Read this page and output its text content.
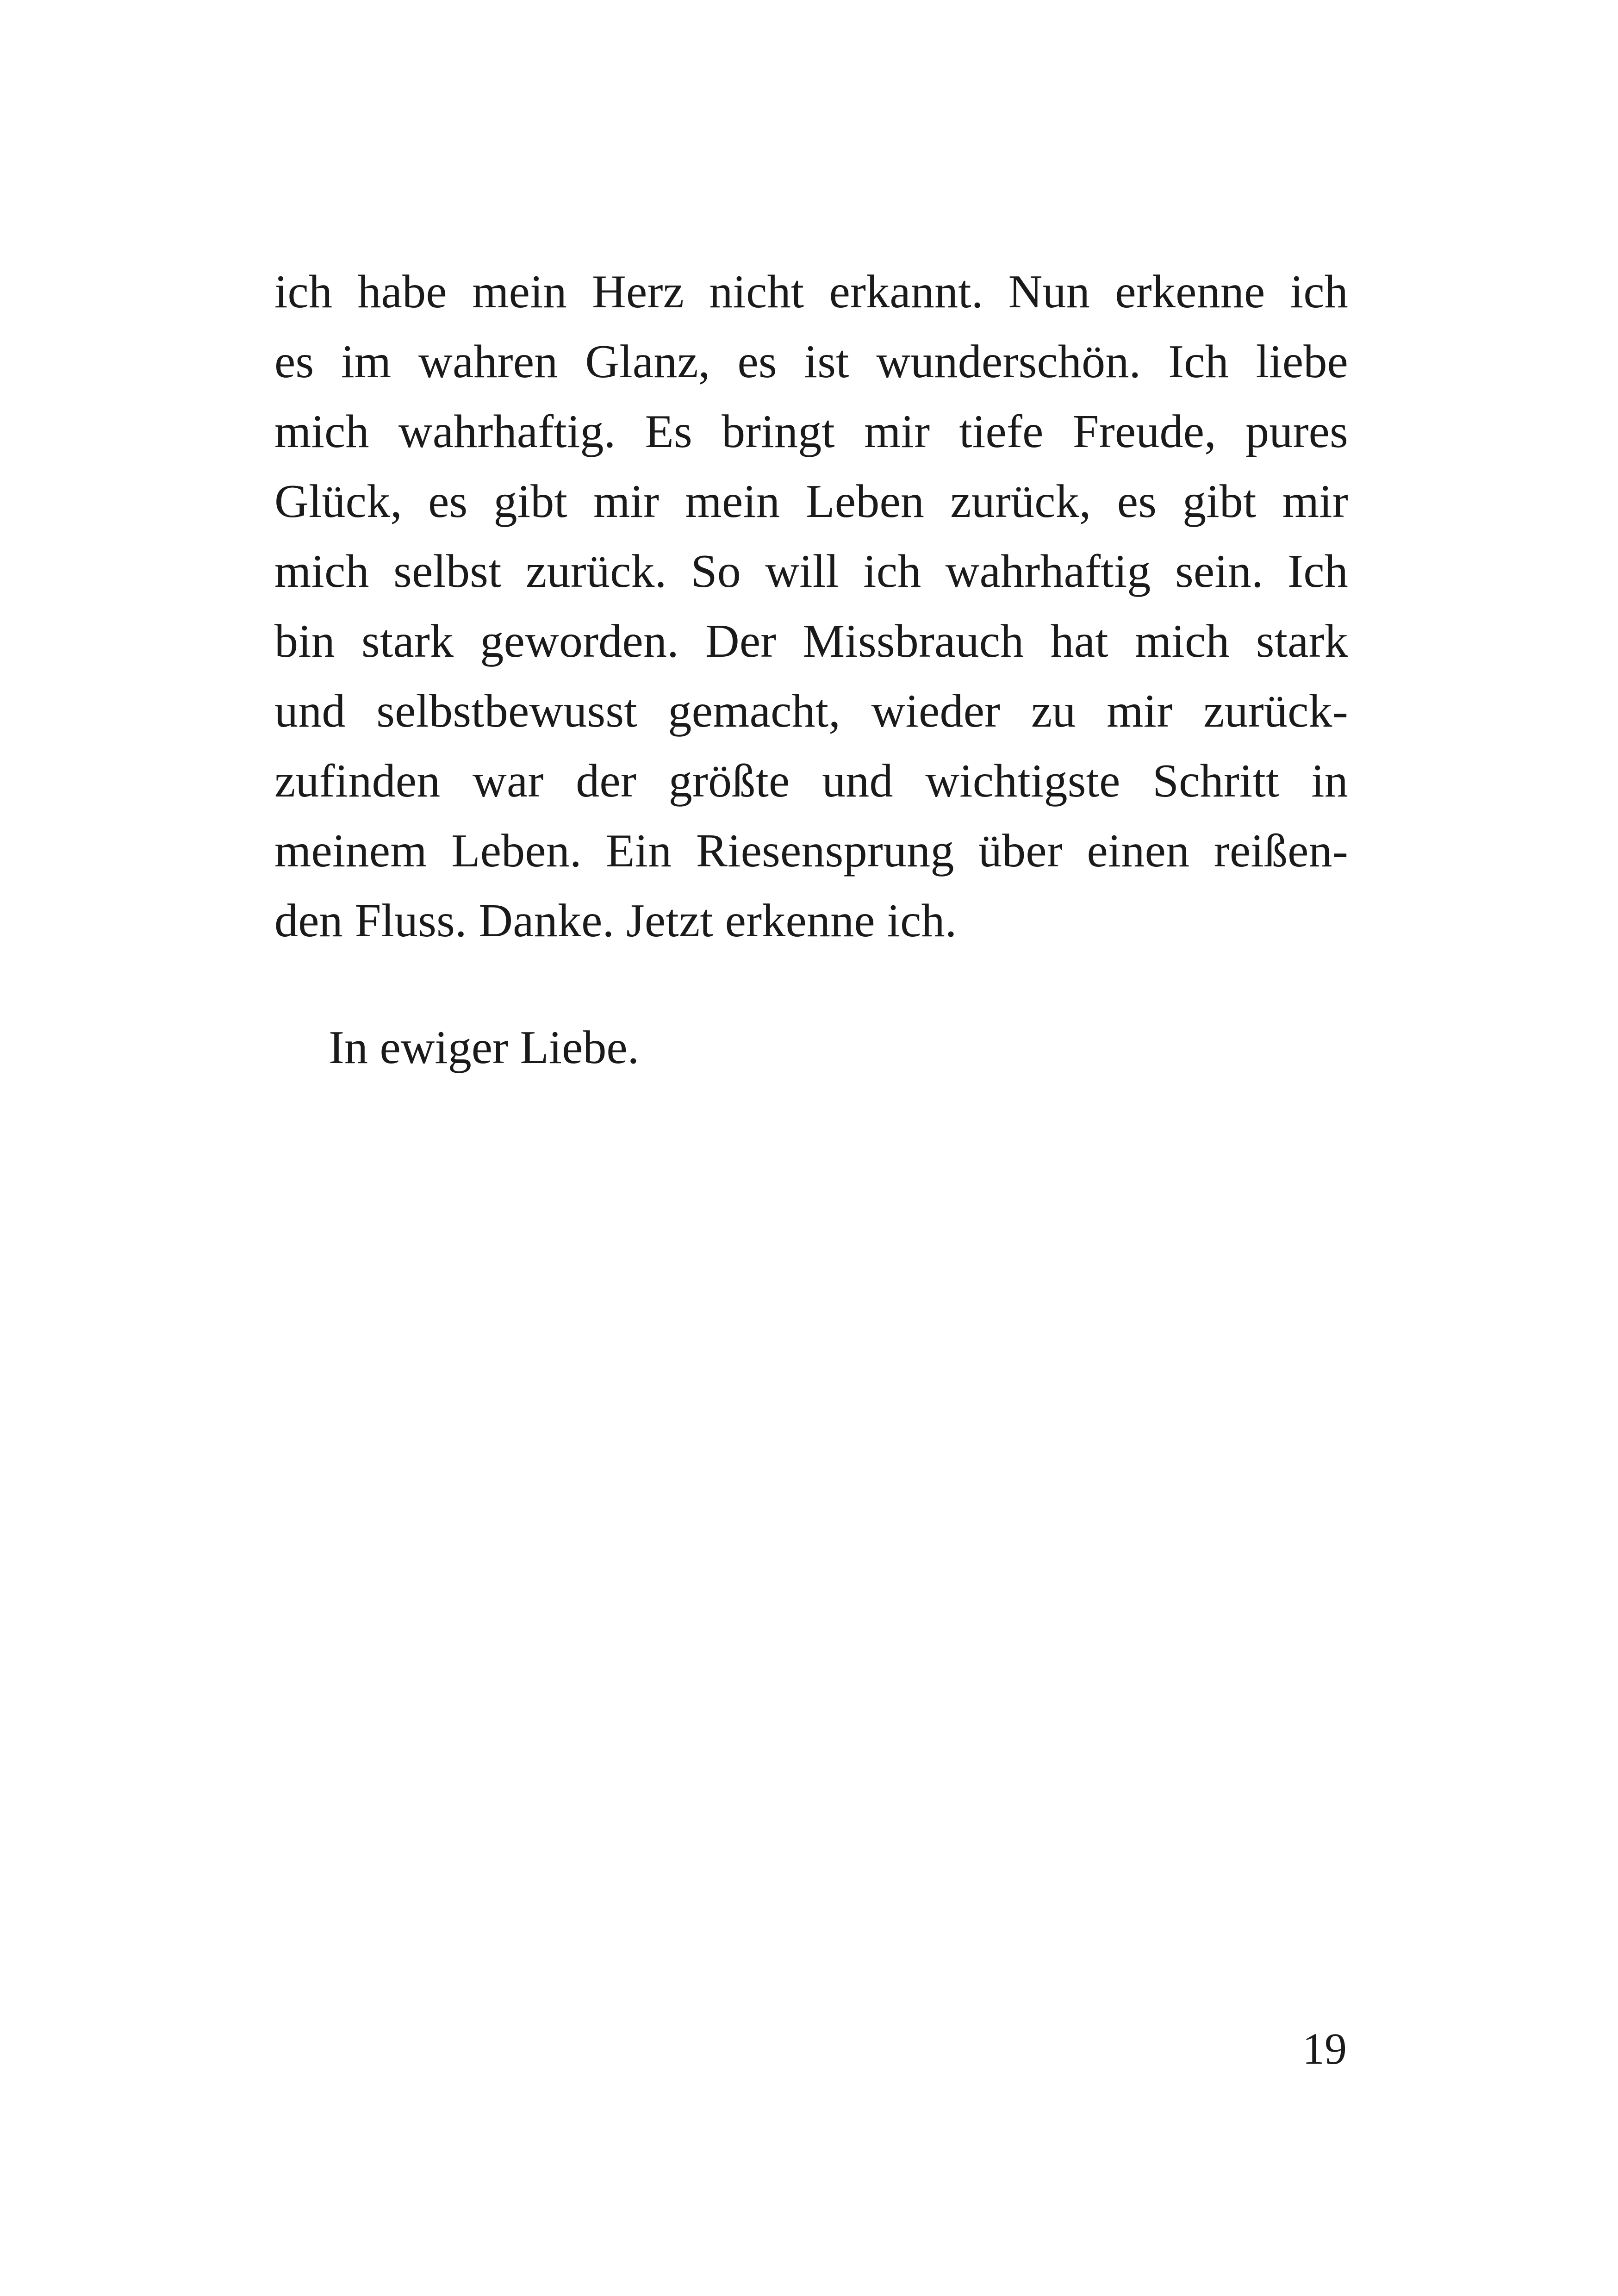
ich habe mein Herz nicht erkannt. Nun erkenne ich
es im wahren Glanz, es ist wunderschön. Ich liebe
mich wahrhaftig. Es bringt mir tiefe Freude, pures
Glück, es gibt mir mein Leben zurück, es gibt mir
mich selbst zurück. So will ich wahrhaftig sein. Ich
bin stark geworden. Der Missbrauch hat mich stark
und selbstbewusst gemacht, wieder zu mir zurück-
zufinden war der größte und wichtigste Schritt in
meinem Leben. Ein Riesensprung über einen reißen-
den Fluss. Danke. Jetzt erkenne ich.
In ewiger Liebe.
19
